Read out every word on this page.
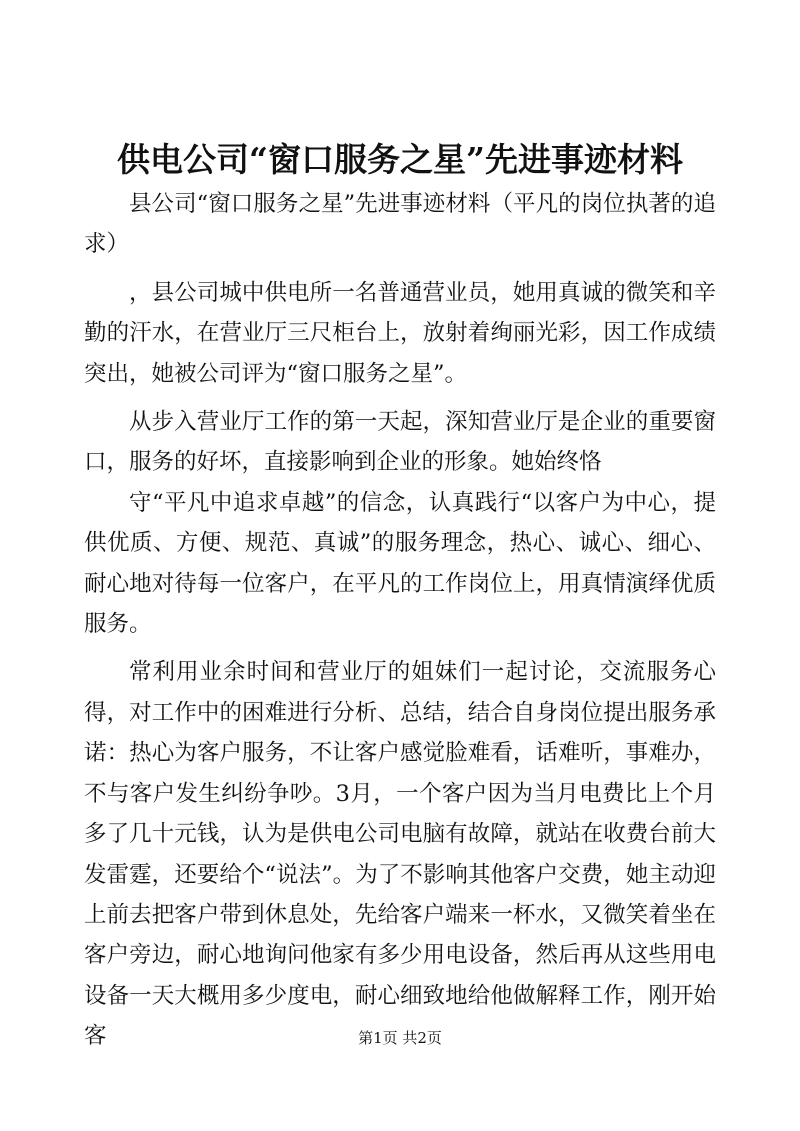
供电公司“窗口服务之星”先进事迹材料

县公司“窗口服务之星”先进事迹材料（平凡的岗位执著的追求）

，县公司城中供电所一名普通营业员，她用真诚的微笑和辛勤的汗水，在营业厅三尺柜台上，放射着绚丽光彩，因工作成绩突出，她被公司评为“窗口服务之星”。

从步入营业厅工作的第一天起，深知营业厅是企业的重要窗口，服务的好坏，直接影响到企业的形象。她始终恪

守“平凡中追求卓越”的信念，认真践行“以客户为中心，提供优质、方便、规范、真诚”的服务理念，热心、诚心、细心、耐心地对待每一位客户，在平凡的工作岗位上，用真情演绎优质服务。

常利用业余时间和营业厅的姐妹们一起讨论，交流服务心得，对工作中的困难进行分析、总结，结合自身岗位提出服务承诺：热心为客户服务，不让客户感觉脸难看，话难听，事难办，不与客户发生纠纷争吵。3月，一个客户因为当月电费比上个月多了几十元钱，认为是供电公司电脑有故障，就站在收费台前大发雷霆，还要给个“说法”。为了不影响其他客户交费，她主动迎上前去把客户带到休息处，先给客户端来一杯水，又微笑着坐在客户旁边，耐心地询问他家有多少用电设备，然后再从这些用电设备一天大概用多少度电，耐心细致地给他做解释工作，刚开始客	第1页 共2页
